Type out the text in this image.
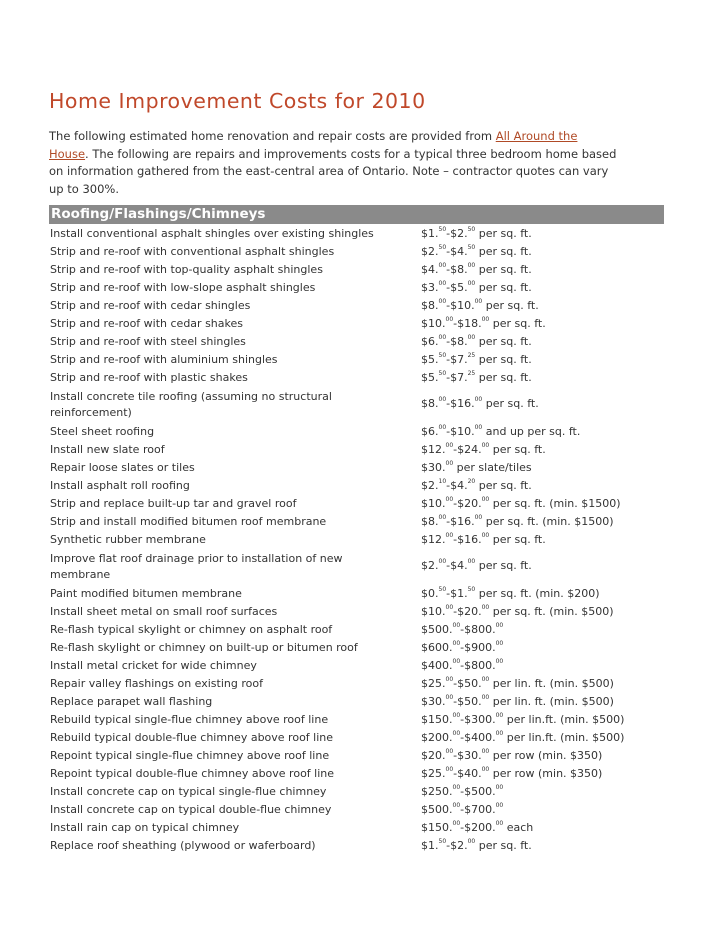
Home Improvement Costs for 2010
The following estimated home renovation and repair costs are provided from All Around the
House. The following are repairs and improvements costs for a typical three bedroom home based
on information gathered from the east-central area of Ontario. Note – contractor quotes can vary
up to 300%.
Roofing/Flashings/Chimneys
Install conventional asphalt shingles over existing shingles	$1.50-$2.50 per sq. ft.
Strip and re-roof with conventional asphalt shingles	$2.50-$4.50 per sq. ft.
Strip and re-roof with top-quality asphalt shingles	$4.00-$8.00 per sq. ft.
Strip and re-roof with low-slope asphalt shingles	$3.00-$5.00 per sq. ft.
Strip and re-roof with cedar shingles	$8.00-$10.00 per sq. ft.
Strip and re-roof with cedar shakes	$10.00-$18.00 per sq. ft.
Strip and re-roof with steel shingles	$6.00-$8.00 per sq. ft.
Strip and re-roof with aluminium shingles	$5.50-$7.25 per sq. ft.
Strip and re-roof with plastic shakes	$5.50-$7.25 per sq. ft.
Install concrete tile roofing (assuming no structural reinforcement)
$8.00-$16.00 per sq. ft.
Steel sheet roofing	$6.00-$10.00 and up per sq. ft.
Install new slate roof	$12.00-$24.00 per sq. ft.
Repair loose slates or tiles	$30.00 per slate/tiles
Install asphalt roll roofing	$2.10-$4.20 per sq. ft.
Strip and replace built-up tar and gravel roof	$10.00-$20.00 per sq. ft. (min. $1500)
Strip and install modified bitumen roof membrane	$8.00-$16.00 per sq. ft. (min. $1500)
Synthetic rubber membrane	$12.00-$16.00 per sq. ft.
Improve flat roof drainage prior to installation of new membrane
$2.00-$4.00 per sq. ft.
Paint modified bitumen membrane	$0.50-$1.50 per sq. ft. (min. $200)
Install sheet metal on small roof surfaces	$10.00-$20.00 per sq. ft. (min. $500)
Re-flash typical skylight or chimney on asphalt roof	$500.00-$800.00
Re-flash skylight or chimney on built-up or bitumen roof	$600.00-$900.00
Install metal cricket for wide chimney	$400.00-$800.00
Repair valley flashings on existing roof	$25.00-$50.00 per lin. ft. (min. $500)
Replace parapet wall flashing	$30.00-$50.00 per lin. ft. (min. $500)
Rebuild typical single-flue chimney above roof line	$150.00-$300.00 per lin.ft. (min. $500)
Rebuild typical double-flue chimney above roof line	$200.00-$400.00 per lin.ft. (min. $500)
Repoint typical single-flue chimney above roof line	$20.00-$30.00 per row (min. $350)
Repoint typical double-flue chimney above roof line	$25.00-$40.00 per row (min. $350)
Install concrete cap on typical single-flue chimney	$250.00-$500.00
Install concrete cap on typical double-flue chimney	$500.00-$700.00
Install rain cap on typical chimney	$150.00-$200.00 each
Replace roof sheathing (plywood or waferboard)	$1.50-$2.00 per sq. ft.
